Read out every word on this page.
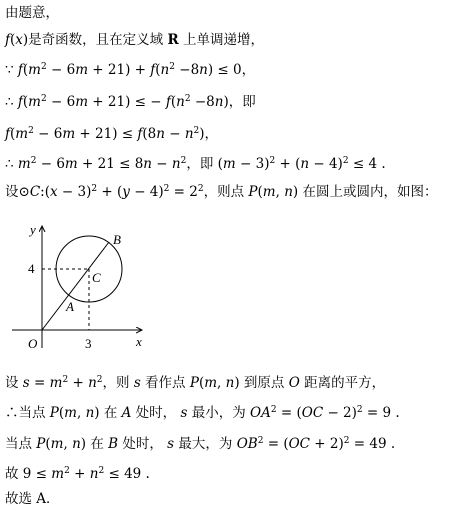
由题意，
f(x)是奇函数，且在定义域 R 上单调递增，
∵ $f(m^2 - 6m + 21) + f(n^2 -8n) \le 0$，
∴ $f(m^2 - 6m + 21)$ ≤ − $f(n^2 -8n)$，即
$f(m^2 - 6m + 21) \le f(8n - n^2)$，
∴ $m^2 - 6m + 21 \le 8n - n^2$，即 $(m - 3)^2 + (n - 4)^2 \le 4$ .
设⊙C:(x − $3)^2 + (y - 4)^2 = 2^2$，则点 P(m, n) 在圆上或圆内，如图：
y
x
O	3
4
B
C
A
设 $s = m^2 + n^2$，则 s 看作点 P(m, n) 到原点 O 距离的平方，
∴当点 P(m, n) 在 A 处时， s 最小，为 $OA^2 = (OC - 2)^2 = 9$ .
当点 P(m, n) 在 B 处时， s 最大，为 $OB^2 = (OC + 2)^2 = 49$ .
故 $9 \le m^2 + n^2 \le 49$ .
故选 A．
